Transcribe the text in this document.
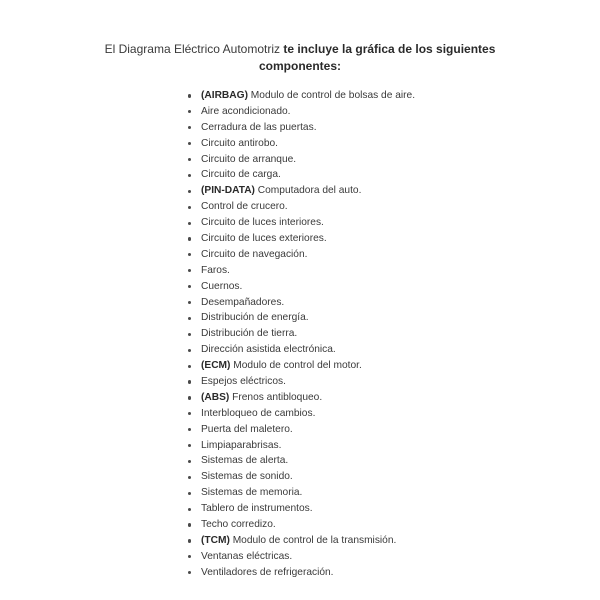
El Diagrama Eléctrico Automotriz te incluye la gráfica de los siguientes componentes:
(AIRBAG) Modulo de control de bolsas de aire.
Aire acondicionado.
Cerradura de las puertas.
Circuito antirobo.
Circuito de arranque.
Circuito de carga.
(PIN-DATA) Computadora del auto.
Control de crucero.
Circuito de luces interiores.
Circuito de luces exteriores.
Circuito de navegación.
Faros.
Cuernos.
Desempañadores.
Distribución de energía.
Distribución de tierra.
Dirección asistida electrónica.
(ECM) Modulo de control del motor.
Espejos eléctricos.
(ABS) Frenos antibloqueo.
Interbloqueo de cambios.
Puerta del maletero.
Limpiaparabrisas.
Sistemas de alerta.
Sistemas de sonido.
Sistemas de memoria.
Tablero de instrumentos.
Techo corredizo.
(TCM) Modulo de control de la transmisión.
Ventanas eléctricas.
Ventiladores de refrigeración.
